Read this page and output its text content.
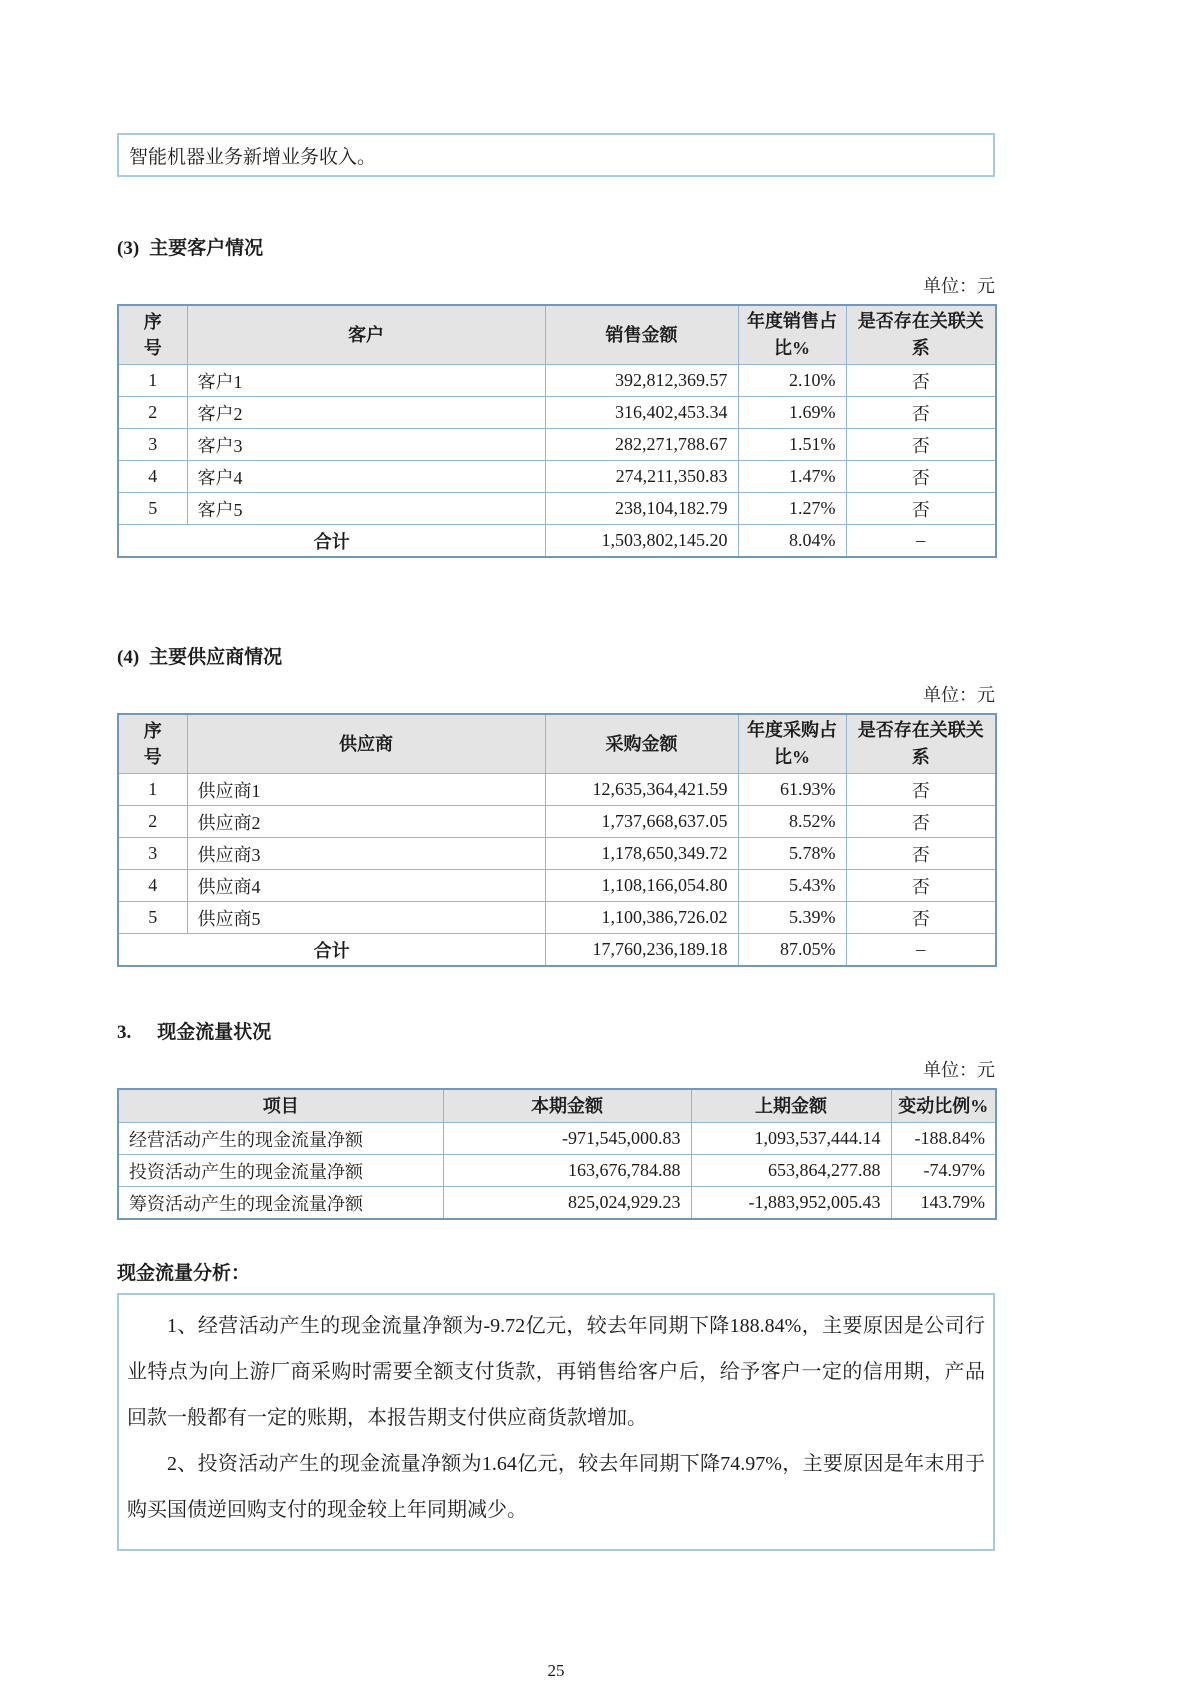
智能机器业务新增业务收入。
(3) 主要客户情况
单位：元
序号	客户	销售金额	年度销售占比%	是否存在关联关系
1	客户1	392,812,369.57	2.10%	否
2	客户2	316,402,453.34	1.69%	否
3	客户3	282,271,788.67	1.51%	否
4	客户4	274,211,350.83	1.47%	否
5	客户5	238,104,182.79	1.27%	否
合计		1,503,802,145.20	8.04%	–
(4) 主要供应商情况
单位：元
序号	供应商	采购金额	年度采购占比%	是否存在关联关系
1	供应商1	12,635,364,421.59	61.93%	否
2	供应商2	1,737,668,637.05	8.52%	否
3	供应商3	1,178,650,349.72	5.78%	否
4	供应商4	1,108,166,054.80	5.43%	否
5	供应商5	1,100,386,726.02	5.39%	否
合计		17,760,236,189.18	87.05%	–
3. 现金流量状况
单位：元
项目	本期金额	上期金额	变动比例%
经营活动产生的现金流量净额	-971,545,000.83	1,093,537,444.14	-188.84%
投资活动产生的现金流量净额	163,676,784.88	653,864,277.88	-74.97%
筹资活动产生的现金流量净额	825,024,929.23	-1,883,952,005.43	143.79%
现金流量分析：

1、经营活动产生的现金流量净额为-9.72亿元，较去年同期下降188.84%，主要原因是公司行业特点为向上游厂商采购时需要全额支付货款，再销售给客户后，给予客户一定的信用期，产品回款一般都有一定的账期，本报告期支付供应商货款增加。

2、投资活动产生的现金流量净额为1.64亿元，较去年同期下降74.97%，主要原因是年末用于购买国债逆回购支付的现金较上年同期减少。

25
